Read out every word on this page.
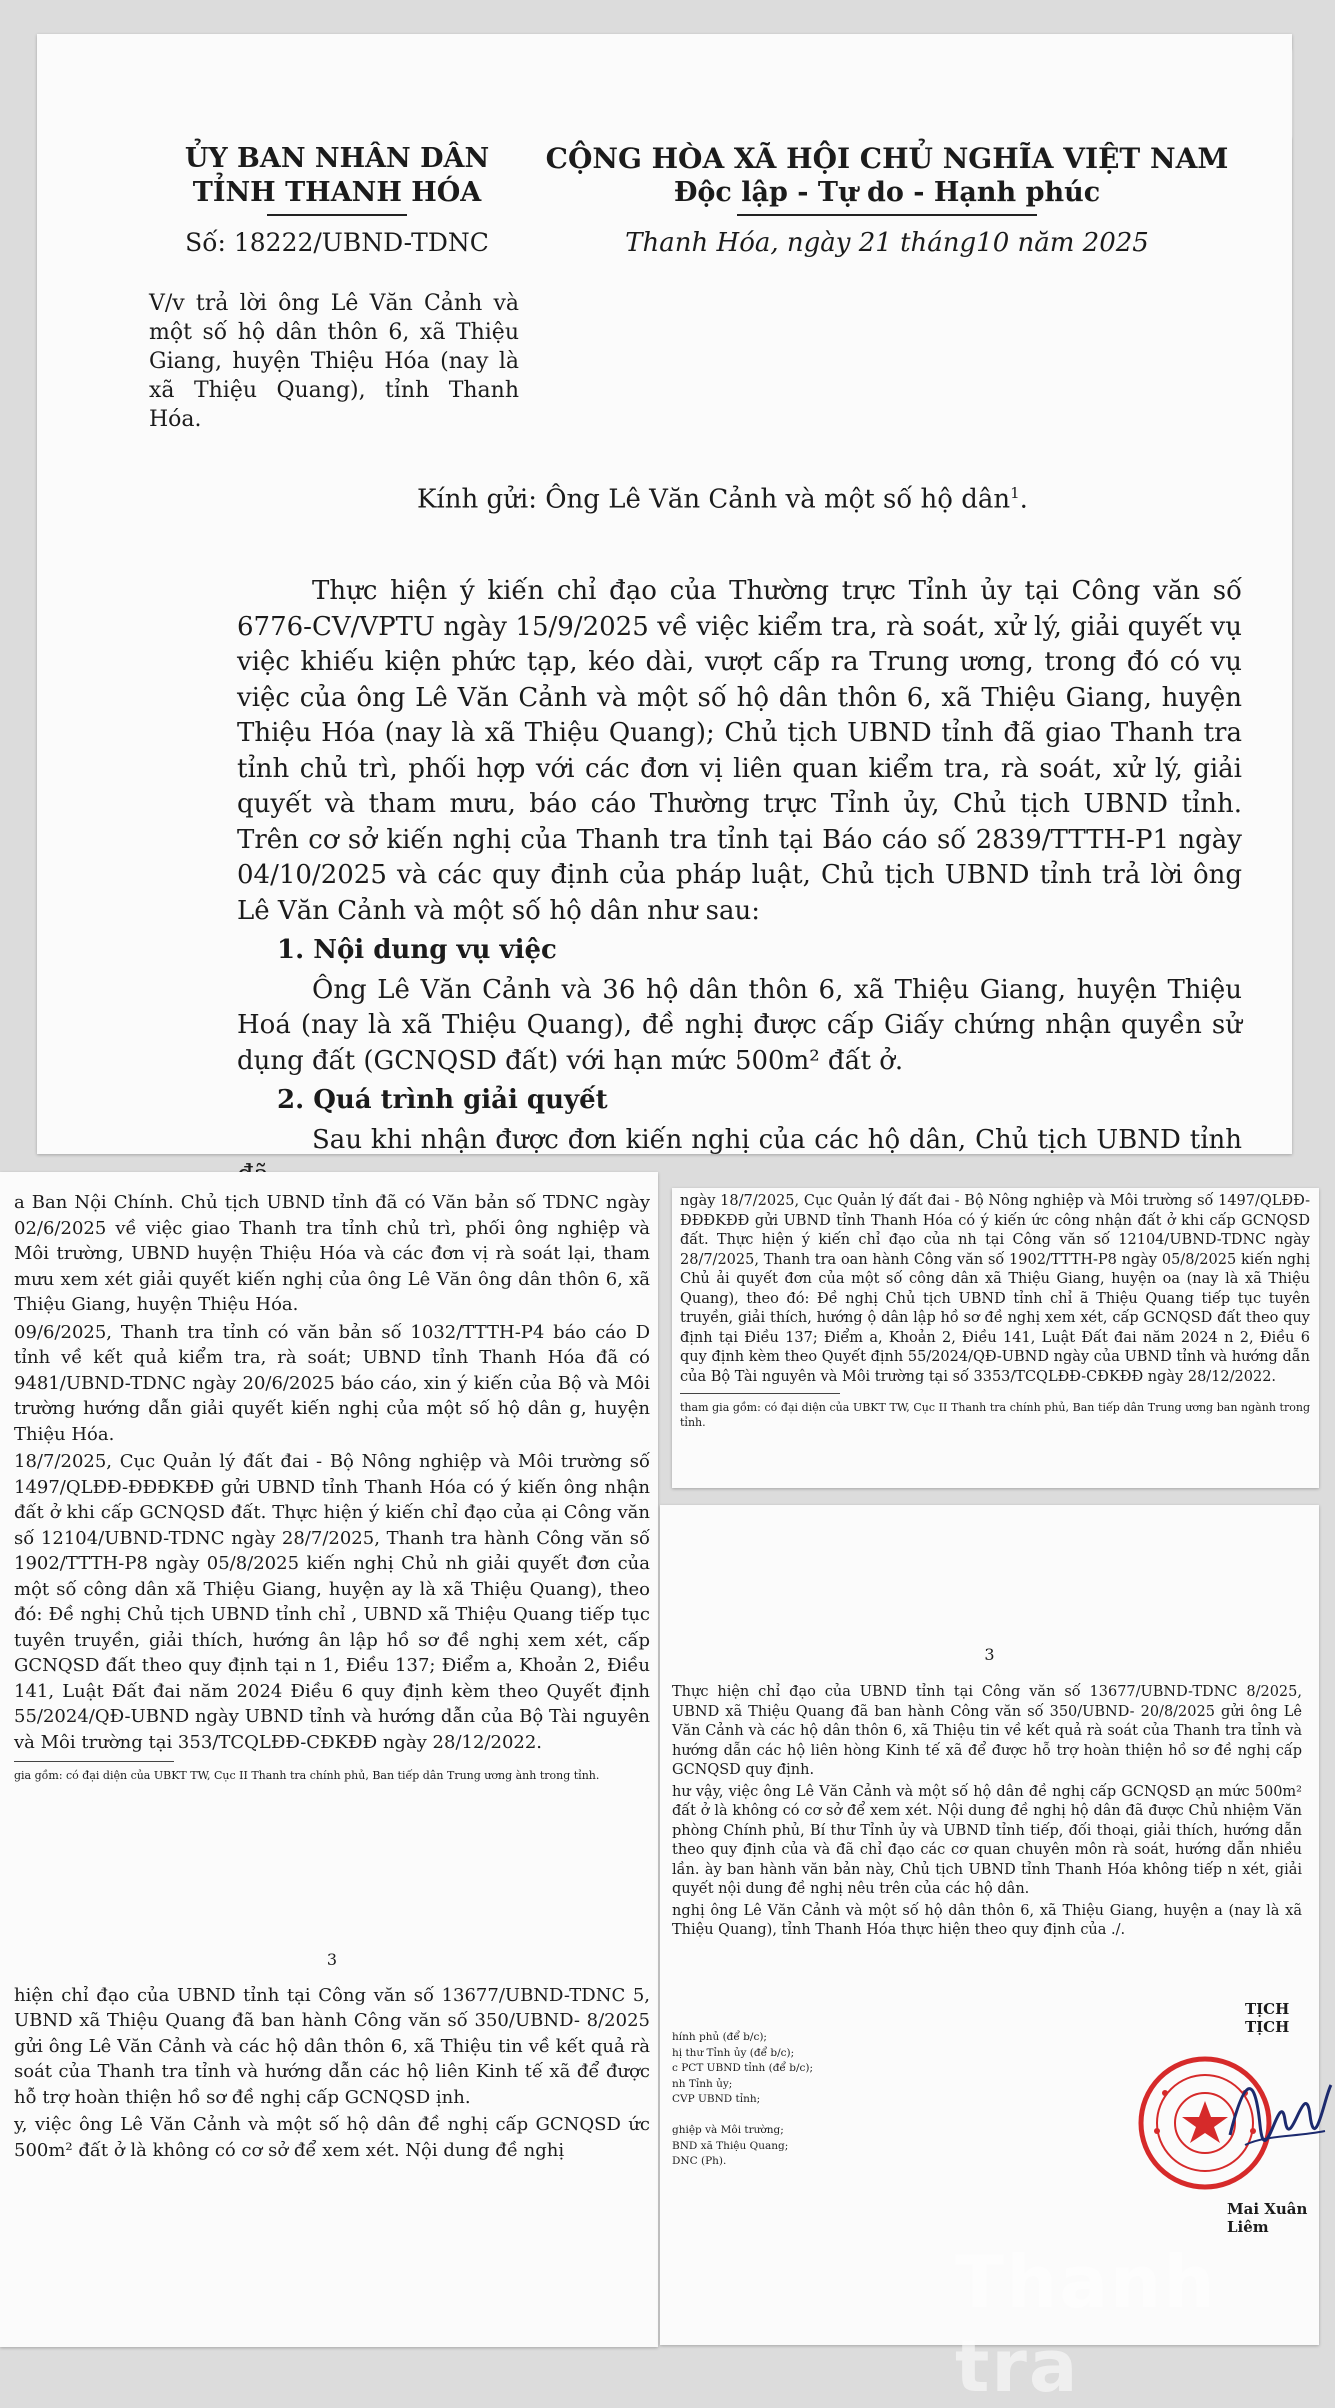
ỦY BAN NHÂN DÂN
TỈNH THANH HÓA
Số: 18222/UBND-TDNC
CỘNG HÒA XÃ HỘI CHỦ NGHĨA VIỆT NAM
Độc lập - Tự do - Hạnh phúc
Thanh Hóa, ngày 21 tháng10 năm 2025
V/v trả lời ông Lê Văn Cảnh và một số hộ dân thôn 6, xã Thiệu Giang, huyện Thiệu Hóa (nay là xã Thiệu Quang), tỉnh Thanh Hóa.
Kính gửi: Ông Lê Văn Cảnh và một số hộ dân$^1$.

Thực hiện ý kiến chỉ đạo của Thường trực Tỉnh ủy tại Công văn số 6776-CV/VPTU ngày 15/9/2025 về việc kiểm tra, rà soát, xử lý, giải quyết vụ việc khiếu kiện phức tạp, kéo dài, vượt cấp ra Trung ương, trong đó có vụ việc của ông Lê Văn Cảnh và một số hộ dân thôn 6, xã Thiệu Giang, huyện Thiệu Hóa (nay là xã Thiệu Quang); Chủ tịch UBND tỉnh đã giao Thanh tra tỉnh chủ trì, phối hợp với các đơn vị liên quan kiểm tra, rà soát, xử lý, giải quyết và tham mưu, báo cáo Thường trực Tỉnh ủy, Chủ tịch UBND tỉnh. Trên cơ sở kiến nghị của Thanh tra tỉnh tại Báo cáo số 2839/TTTH-P1 ngày 04/10/2025 và các quy định của pháp luật, Chủ tịch UBND tỉnh trả lời ông Lê Văn Cảnh và một số hộ dân như sau:

1. Nội dung vụ việc

Ông Lê Văn Cảnh và 36 hộ dân thôn 6, xã Thiệu Giang, huyện Thiệu Hoá (nay là xã Thiệu Quang), đề nghị được cấp Giấy chứng nhận quyền sử dụng đất (GCNQSD đất) với hạn mức 500m² đất ở.

2. Quá trình giải quyết

Sau khi nhận được đơn kiến nghị của các hộ dân, Chủ tịch UBND tỉnh

a Ban Nội Chính. Chủ tịch UBND tỉnh đã có Văn bản số TDNC ngày 02/6/2025 về việc giao Thanh tra tỉnh chủ trì, phối ông nghiệp và Môi trường, UBND huyện Thiệu Hóa và các đơn vị rà soát lại, tham mưu xem xét giải quyết kiến nghị của ông Lê Văn ông dân thôn 6, xã Thiệu Giang, huyện Thiệu Hóa.

09/6/2025, Thanh tra tỉnh có văn bản số 1032/TTTH-P4 báo cáo D tỉnh về kết quả kiểm tra, rà soát; UBND tỉnh Thanh Hóa đã có 9481/UBND-TDNC ngày 20/6/2025 báo cáo, xin ý kiến của Bộ và Môi trường hướng dẫn giải quyết kiến nghị của một số hộ dân g, huyện Thiệu Hóa.

18/7/2025, Cục Quản lý đất đai - Bộ Nông nghiệp và Môi trường số 1497/QLĐĐ-ĐĐĐKĐĐ gửi UBND tỉnh Thanh Hóa có ý kiến ông nhận đất ở khi cấp GCNQSD đất. Thực hiện ý kiến chỉ đạo của ại Công văn số 12104/UBND-TDNC ngày 28/7/2025, Thanh tra hành Công văn số 1902/TTTH-P8 ngày 05/8/2025 kiến nghị Chủ nh giải quyết đơn của một số công dân xã Thiệu Giang, huyện ay là xã Thiệu Quang), theo đó: Đề nghị Chủ tịch UBND tỉnh chỉ , UBND xã Thiệu Quang tiếp tục tuyên truyền, giải thích, hướng ân lập hồ sơ đề nghị xem xét, cấp GCNQSD đất theo quy định tại n 1, Điều 137; Điểm a, Khoản 2, Điều 141, Luật Đất đai năm 2024 Điều 6 quy định kèm theo Quyết định 55/2024/QĐ-UBND ngày UBND tỉnh và hướng dẫn của Bộ Tài nguyên và Môi trường tại 353/TCQLĐĐ-CĐKĐĐ ngày 28/12/2022.

gia gồm: có đại diện của UBKT TW, Cục II Thanh tra chính phủ, Ban tiếp dân Trung ương ành trong tỉnh.
3

hiện chỉ đạo của UBND tỉnh tại Công văn số 13677/UBND-TDNC 5, UBND xã Thiệu Quang đã ban hành Công văn số 350/UBND- 8/2025 gửi ông Lê Văn Cảnh và các hộ dân thôn 6, xã Thiệu tin về kết quả rà soát của Thanh tra tỉnh và hướng dẫn các hộ liên Kinh tế xã để được hỗ trợ hoàn thiện hồ sơ đề nghị cấp GCNQSD ịnh.

y, việc ông Lê Văn Cảnh và một số hộ dân đề nghị cấp GCNQSD ức 500m² đất ở là không có cơ sở để xem xét. Nội dung đề nghị

ngày 18/7/2025, Cục Quản lý đất đai - Bộ Nông nghiệp và Môi trường số 1497/QLĐĐ-ĐĐĐKĐĐ gửi UBND tỉnh Thanh Hóa có ý kiến ức công nhận đất ở khi cấp GCNQSD đất. Thực hiện ý kiến chỉ đạo của nh tại Công văn số 12104/UBND-TDNC ngày 28/7/2025, Thanh tra oan hành Công văn số 1902/TTTH-P8 ngày 05/8/2025 kiến nghị Chủ ải quyết đơn của một số công dân xã Thiệu Giang, huyện oa (nay là xã Thiệu Quang), theo đó: Đề nghị Chủ tịch UBND tỉnh chỉ ã Thiệu Quang tiếp tục tuyên truyền, giải thích, hướng ộ dân lập hồ sơ đề nghị xem xét, cấp GCNQSD đất theo quy định tại Điều 137; Điểm a, Khoản 2, Điều 141, Luật Đất đai năm 2024 n 2, Điều 6 quy định kèm theo Quyết định 55/2024/QĐ-UBND ngày của UBND tỉnh và hướng dẫn của Bộ Tài nguyên và Môi trường tại số 3353/TCQLĐĐ-CĐKĐĐ ngày 28/12/2022.

tham gia gồm: có đại diện của UBKT TW, Cục II Thanh tra chính phủ, Ban tiếp dân Trung ương ban ngành trong tỉnh.
3

Thực hiện chỉ đạo của UBND tỉnh tại Công văn số 13677/UBND-TDNC 8/2025, UBND xã Thiệu Quang đã ban hành Công văn số 350/UBND- 20/8/2025 gửi ông Lê Văn Cảnh và các hộ dân thôn 6, xã Thiệu tin về kết quả rà soát của Thanh tra tỉnh và hướng dẫn các hộ liên hòng Kinh tế xã để được hỗ trợ hoàn thiện hồ sơ đề nghị cấp GCNQSD quy định.

hư vậy, việc ông Lê Văn Cảnh và một số hộ dân đề nghị cấp GCNQSD ạn mức 500m² đất ở là không có cơ sở để xem xét. Nội dung đề nghị hộ dân đã được Chủ nhiệm Văn phòng Chính phủ, Bí thư Tỉnh ủy và UBND tỉnh tiếp, đối thoại, giải thích, hướng dẫn theo quy định của và đã chỉ đạo các cơ quan chuyên môn rà soát, hướng dẫn nhiều lần. ày ban hành văn bản này, Chủ tịch UBND tỉnh Thanh Hóa không tiếp n xét, giải quyết nội dung đề nghị nêu trên của các hộ dân.

nghị ông Lê Văn Cảnh và một số hộ dân thôn 6, xã Thiệu Giang, huyện a (nay là xã Thiệu Quang), tỉnh Thanh Hóa thực hiện theo quy định của ./.

hính phủ (để b/c);
hị thư Tỉnh ủy (để b/c);
c PCT UBND tỉnh (để b/c);
nh Tỉnh ủy;
CVP UBND tỉnh;

ghiệp và Môi trường;
BND xã Thiệu Quang;
DNC (Ph).
TỊCH
TỊCH
Mai Xuân Liêm
Thanh tra
